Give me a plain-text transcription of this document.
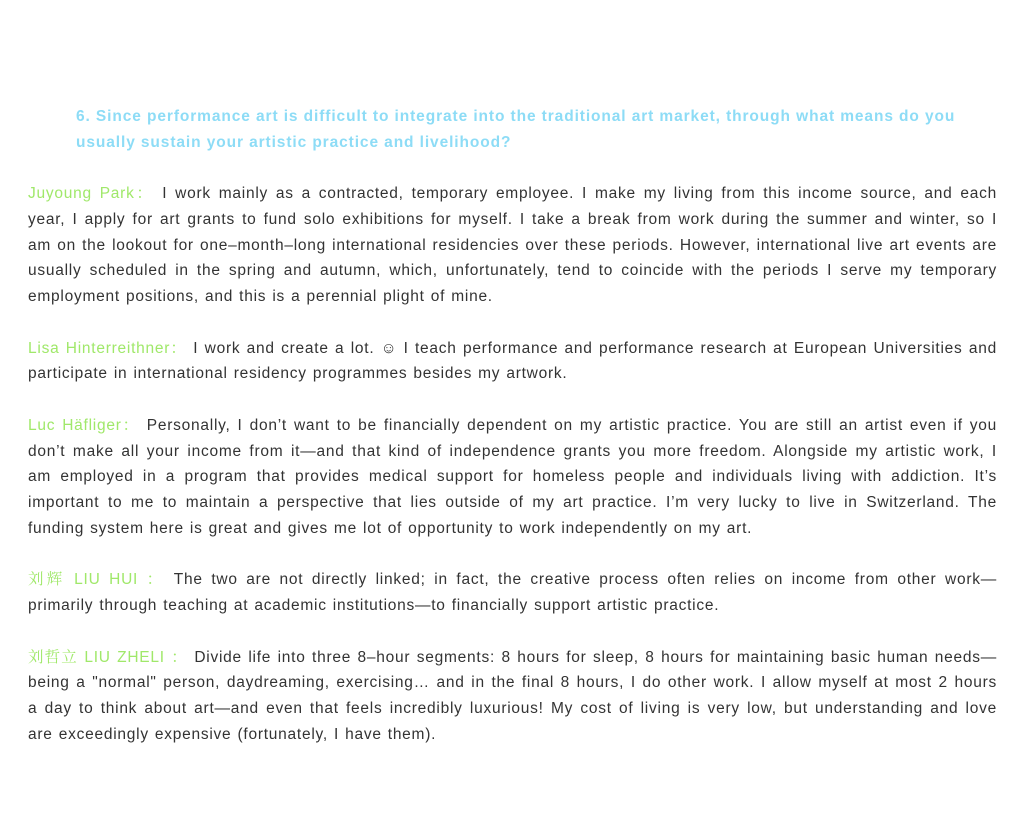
6. Since performance art is difficult to integrate into the traditional art market, through what means do you usually sustain your artistic practice and livelihood?

Juyoung Park： I work mainly as a contracted, temporary employee. I make my living from this income source, and each year, I apply for art grants to fund solo exhibitions for myself. I take a break from work during the summer and winter, so I am on the lookout for one–month–long international residencies over these periods. However, international live art events are usually scheduled in the spring and autumn, which, unfortunately, tend to coincide with the periods I serve my temporary employment positions, and this is a perennial plight of mine.

Lisa Hinterreithner： I work and create a lot. ☺ I teach performance and performance research at European Universities and participate in international residency programmes besides my artwork.

Luc Häfliger： Personally, I don’t want to be financially dependent on my artistic practice. You are still an artist even if you don’t make all your income from it—and that kind of independence grants you more freedom. Alongside my artistic work, I am employed in a program that provides medical support for homeless people and individuals living with addiction. It’s important to me to maintain a perspective that lies outside of my art practice. I’m very lucky to live in Switzerland. The funding system here is great and gives me lot of opportunity to work independently on my art.

刘辉 LIU HUI ： The two are not directly linked; in fact, the creative process often relies on income from other work—primarily through teaching at academic institutions—to financially support artistic practice.

刘哲立 LIU ZHELI ： Divide life into three 8–hour segments: 8 hours for sleep, 8 hours for maintaining basic human needs—being a "normal" person, daydreaming, exercising… and in the final 8 hours, I do other work. I allow myself at most 2 hours a day to think about art—and even that feels incredibly luxurious! My cost of living is very low, but understanding and love are exceedingly expensive (fortunately, I have them).
